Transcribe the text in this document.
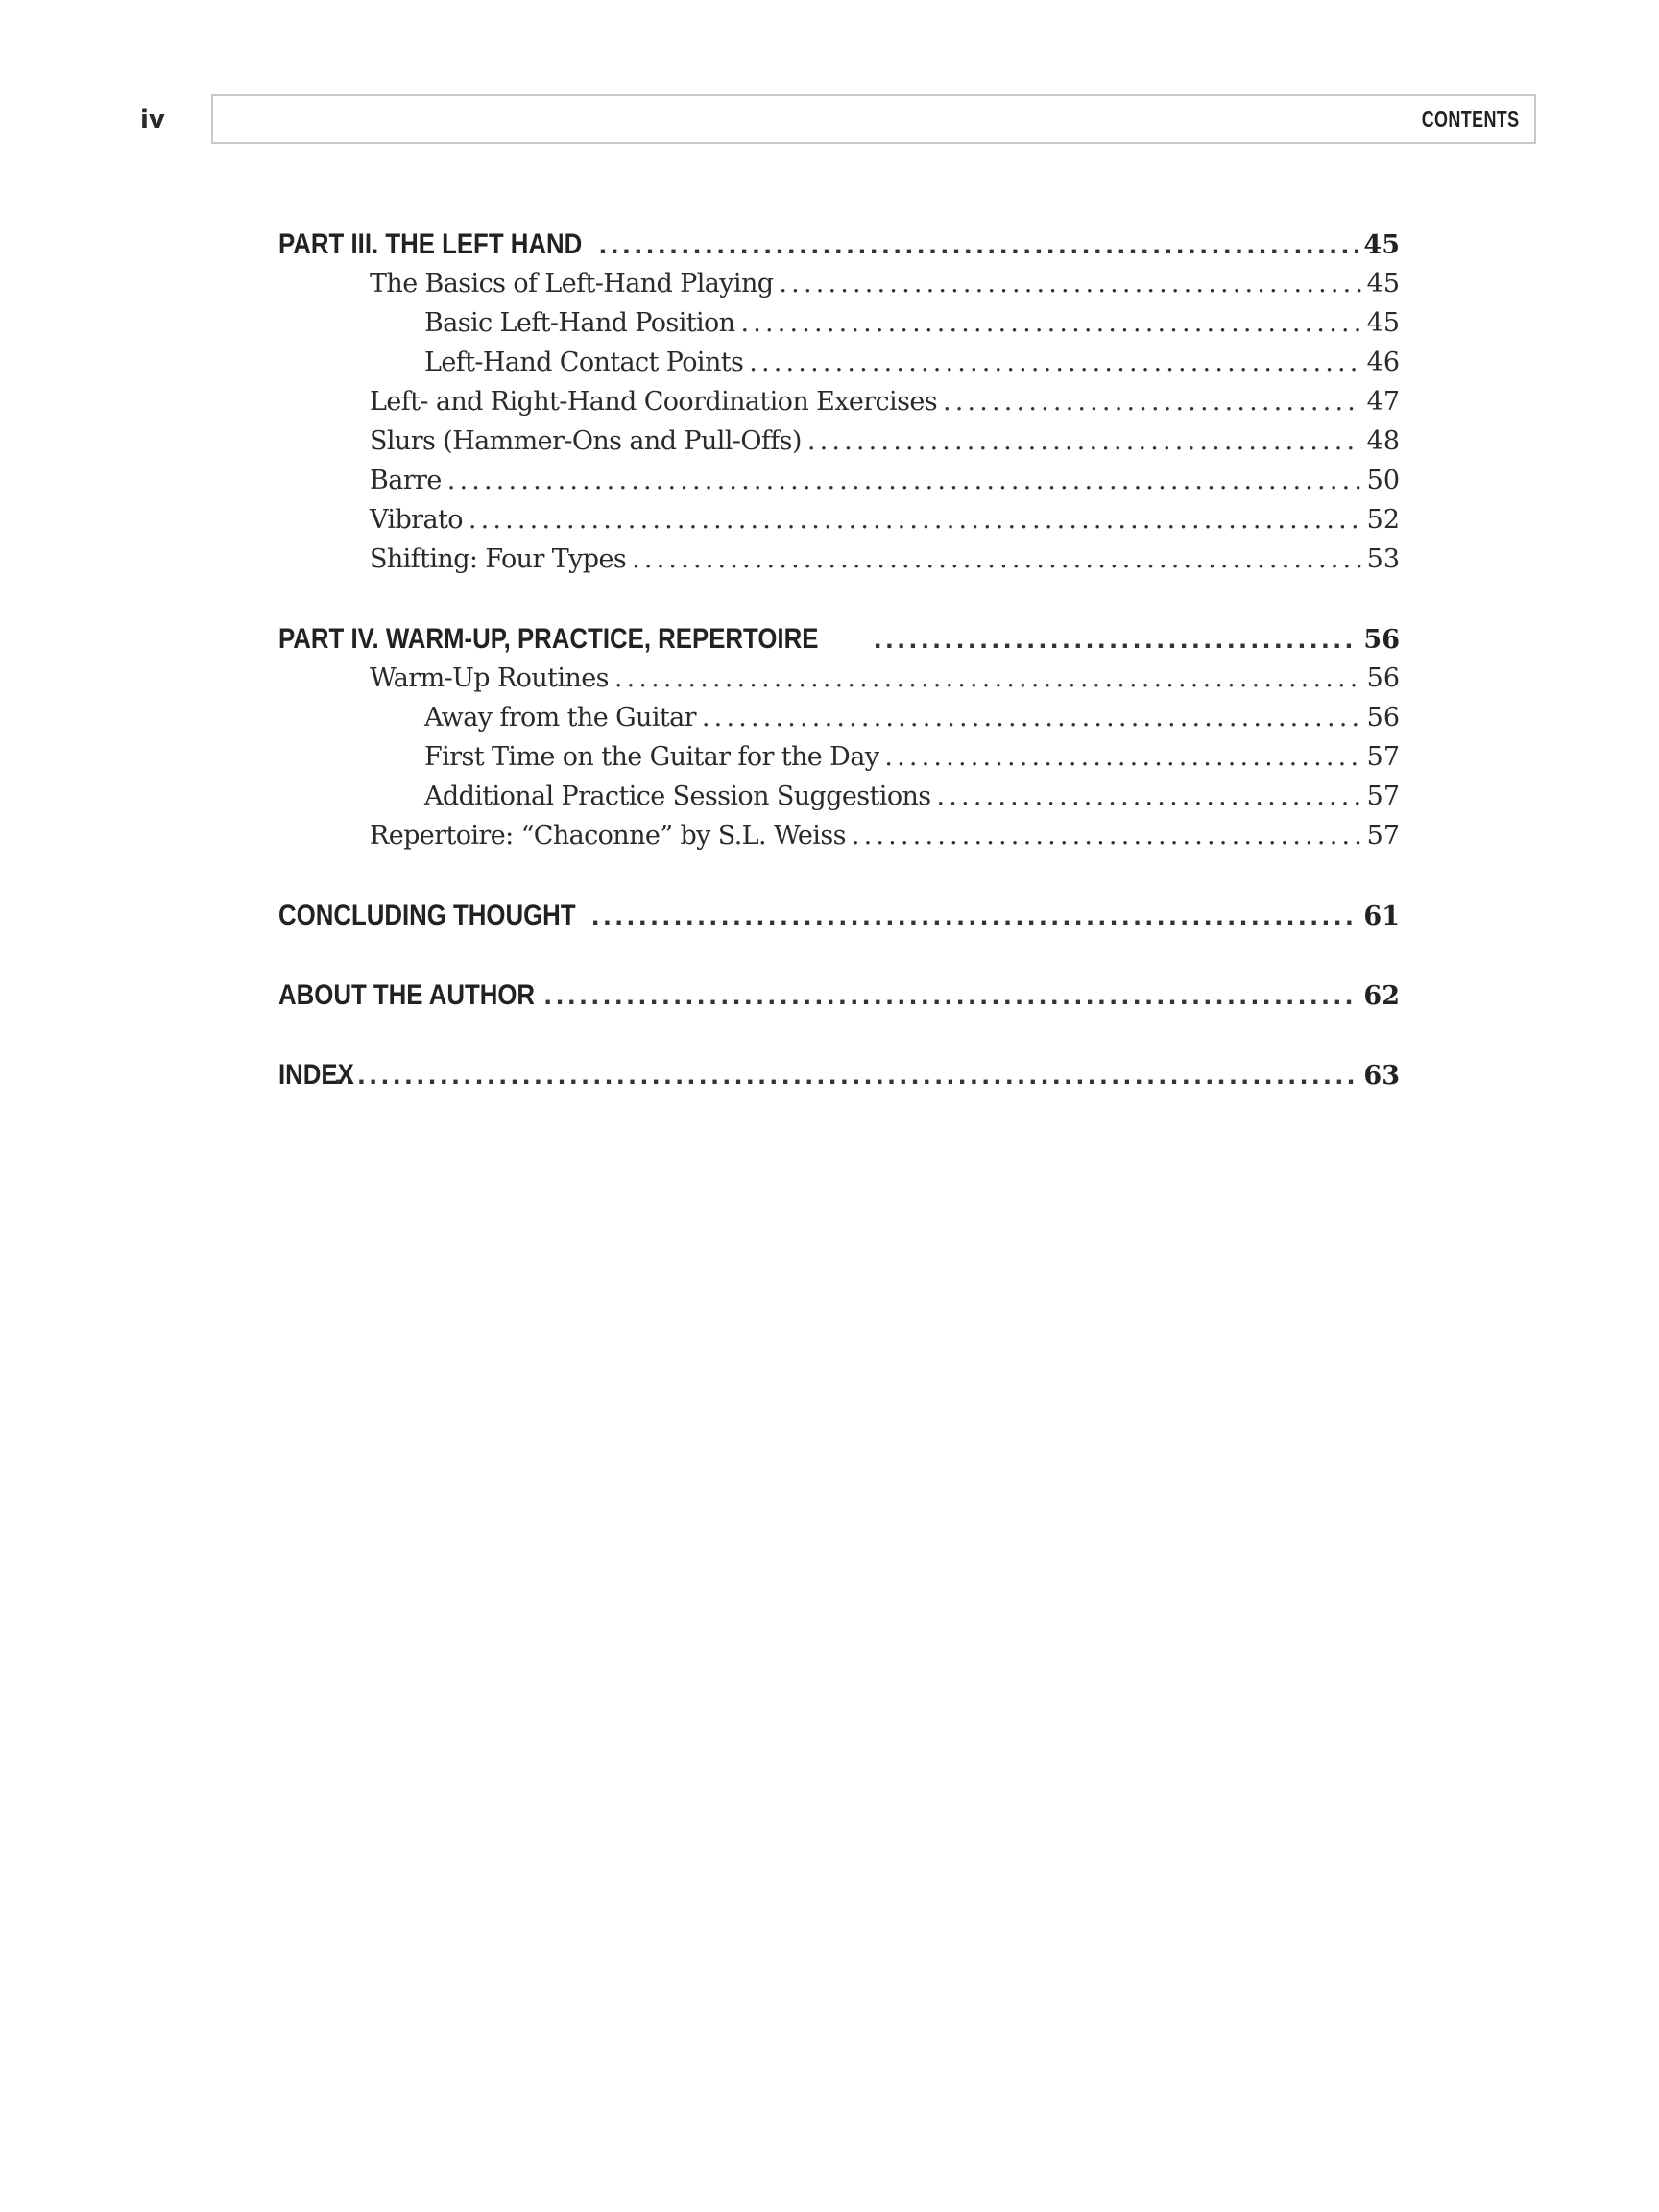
iv	CONTENTS
PART III. THE LEFT HAND . . .	45
The Basics of Left-Hand Playing . . .	45
Basic Left-Hand Position . . .	45
Left-Hand Contact Points . . .	46
Left- and Right-Hand Coordination Exercises . . .	47
Slurs (Hammer-Ons and Pull-Offs) . . .	48
Barre . . .	50
Vibrato . . .	52
Shifting: Four Types . . .	53
PART IV. WARM-UP, PRACTICE, REPERTOIRE . . .	56
Warm-Up Routines . . .	56
Away from the Guitar . . .	56
First Time on the Guitar for the Day . . .	57
Additional Practice Session Suggestions . . .	57
Repertoire: “Chaconne” by S.L. Weiss . . .	57
CONCLUDING THOUGHT . . .	61
ABOUT THE AUTHOR . . .	62
INDEX . . .	63
